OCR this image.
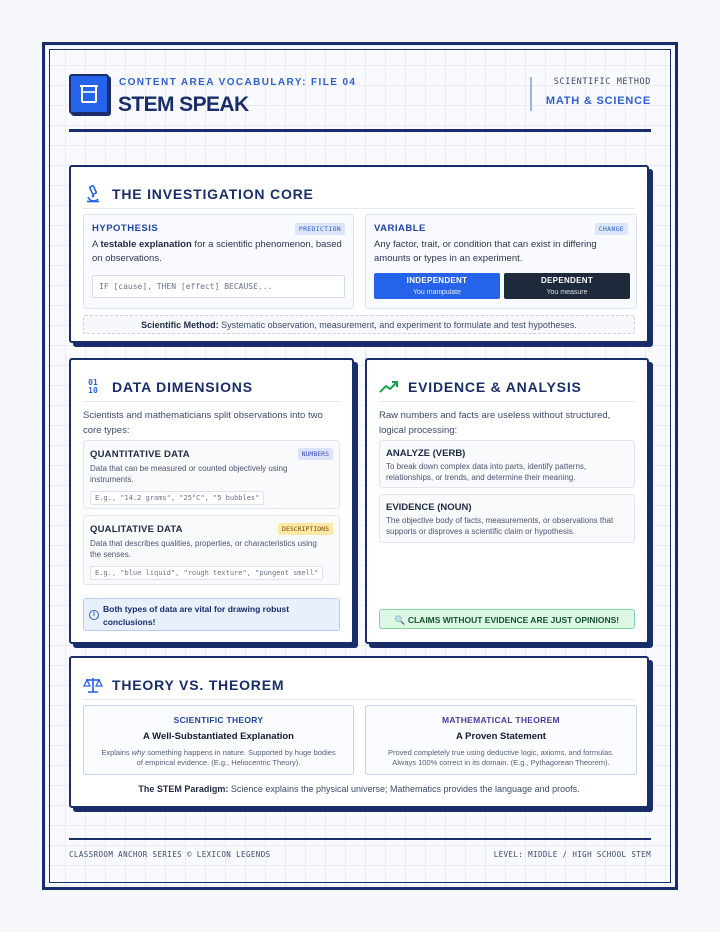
CONTENT AREA VOCABULARY: FILE 04
STEM SPEAK
SCIENTIFIC METHOD
MATH & SCIENCE
THE INVESTIGATION CORE
HYPOTHESIS	PREDICTION
A testable explanation for a scientific phenomenon, based on observations.
IF [cause], THEN [effect] BECAUSE...
VARIABLE	CHANGE
Any factor, trait, or condition that can exist in differing amounts or types in an experiment.
INDEPENDENT
You manipulate
DEPENDENT
You measure
Scientific Method: Systematic observation, measurement, and experiment to formulate and test hypotheses.
01
10	DATA DIMENSIONS
Scientists and mathematicians split observations into two core types:
QUANTITATIVE DATA	NUMBERS
Data that can be measured or counted objectively using instruments.
E.g., "14.2 grams", "25°C", "5 bubbles"
QUALITATIVE DATA	DESCRIPTIONS
Data that describes qualities, properties, or characteristics using the senses.
E.g., "blue liquid", "rough texture", "pungent smell"
i
Both types of data are vital for drawing robust conclusions!
EVIDENCE & ANALYSIS
Raw numbers and facts are useless without structured, logical processing:
ANALYZE (VERB)
To break down complex data into parts, identify patterns, relationships, or trends, and determine their meaning.
EVIDENCE (NOUN)
The objective body of facts, measurements, or observations that supports or disproves a scientific claim or hypothesis.
🔍 CLAIMS WITHOUT EVIDENCE ARE JUST OPINIONS!
THEORY VS. THEOREM
SCIENTIFIC THEORY
A Well-Substantiated Explanation
Explains why something happens in nature. Supported by huge bodies of empirical evidence. (E.g., Heliocentric Theory).
MATHEMATICAL THEOREM
A Proven Statement
Proved completely true using deductive logic, axioms, and formulas. Always 100% correct in its domain. (E.g., Pythagorean Theorem).
The STEM Paradigm: Science explains the physical universe; Mathematics provides the language and proofs.
CLASSROOM ANCHOR SERIES © LEXICON LEGENDS	LEVEL: MIDDLE / HIGH SCHOOL STEM
